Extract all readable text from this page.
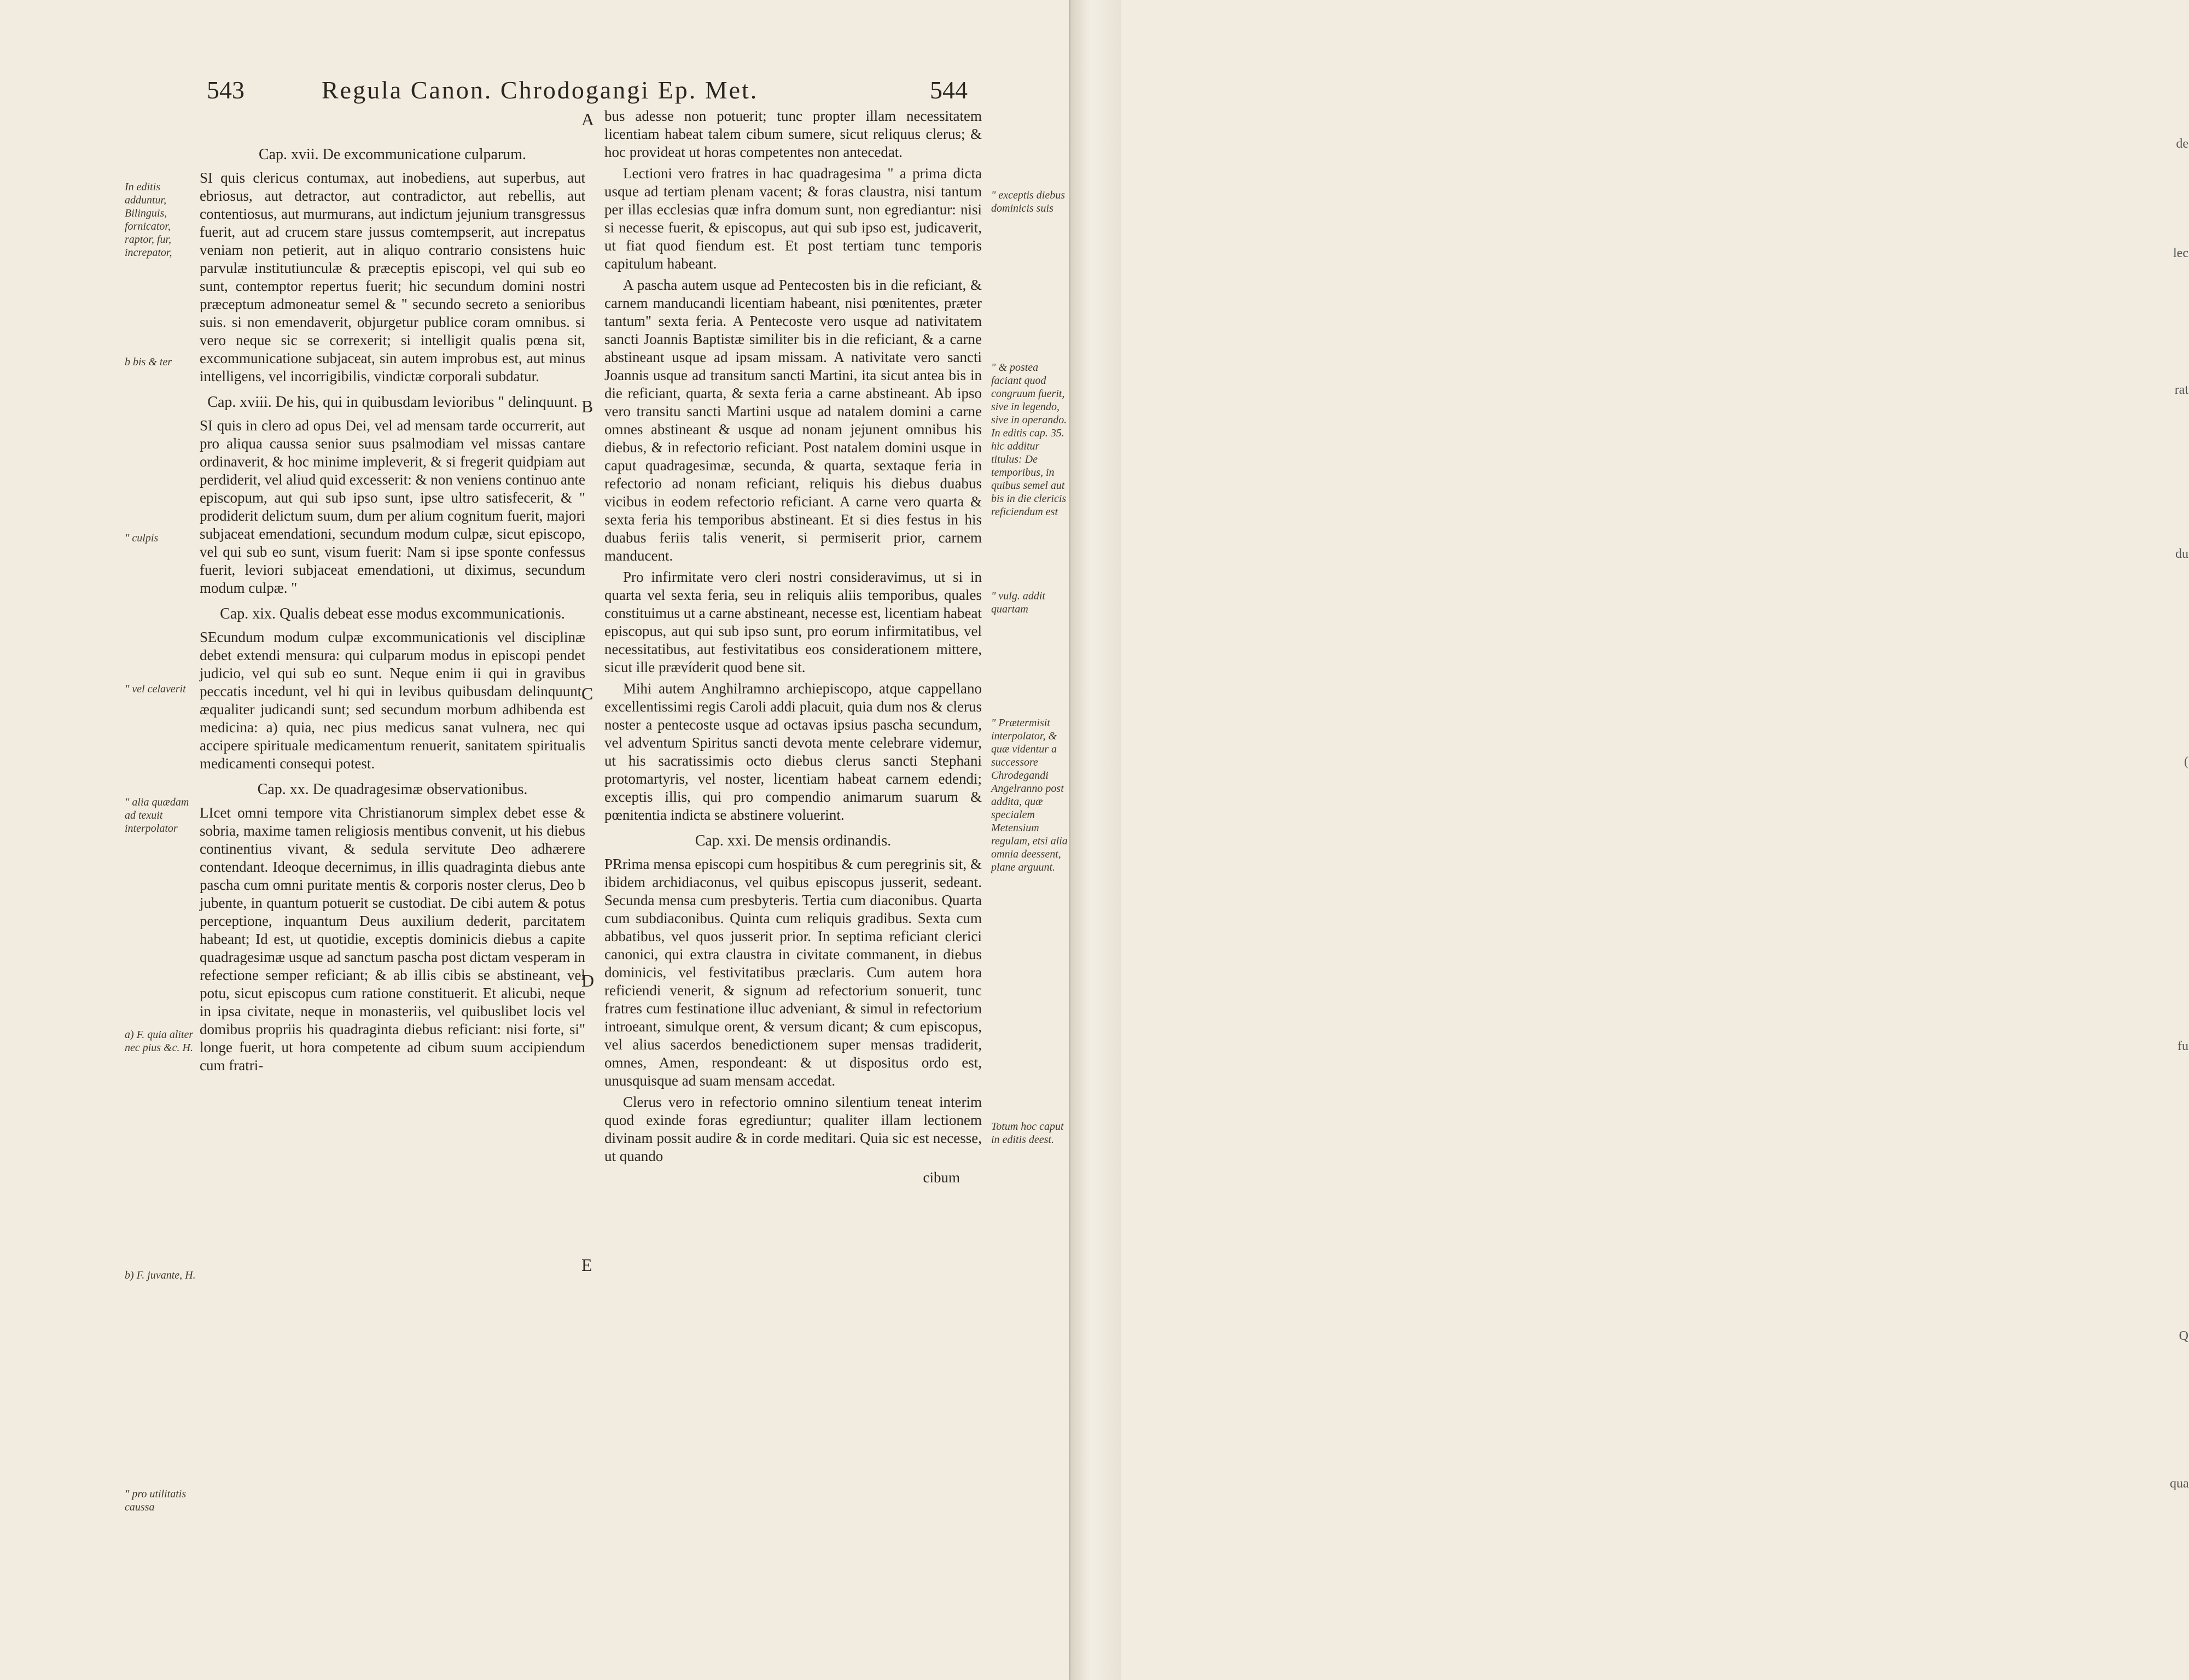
de
lec
rat
du
(
fu
Q
qua
543	Regula Canon. Chrodogangi Ep. Met.	544
A
B
C
D
E
Cap. xvii. De excommunicatione culparum.

SI quis clericus contumax, aut inobediens, aut superbus, aut ebriosus, aut detractor, aut contradictor, aut rebellis, aut contentiosus, aut murmurans, aut indictum jejunium transgressus fuerit, aut ad crucem stare jussus comtempserit, aut increpatus veniam non petierit, aut in aliquo contrario consistens huic parvulæ institutiunculæ & præceptis episcopi, vel qui sub eo sunt, contemptor repertus fuerit; hic secundum domini nostri præceptum admoneatur semel & " secundo secreto a senioribus suis. si non emendaverit, objurgetur publice coram omnibus. si vero neque sic se correxerit; si intelligit qualis pœna sit, excommunicatione subjaceat, sin autem improbus est, aut minus intelligens, vel incorrigibilis, vindictæ corporali subdatur.

Cap. xviii. De his, qui in quibusdam levioribus " delinquunt.

SI quis in clero ad opus Dei, vel ad mensam tarde occurrerit, aut pro aliqua caussa senior suus psalmodiam vel missas cantare ordinaverit, & hoc minime impleverit, & si fregerit quidpiam aut perdiderit, vel aliud quid excesserit: & non veniens continuo ante episcopum, aut qui sub ipso sunt, ipse ultro satisfecerit, & " prodiderit delictum suum, dum per alium cognitum fuerit, majori subjaceat emendationi, secundum modum culpæ, sicut episcopo, vel qui sub eo sunt, visum fuerit: Nam si ipse sponte confessus fuerit, leviori subjaceat emendationi, ut diximus, secundum modum culpæ. "

Cap. xix. Qualis debeat esse modus excommunicationis.

SEcundum modum culpæ excommunicationis vel disciplinæ debet extendi mensura: qui culparum modus in episcopi pendet judicio, vel qui sub eo sunt. Neque enim ii qui in gravibus peccatis incedunt, vel hi qui in levibus quibusdam delinquunt, æqualiter judicandi sunt; sed secundum morbum adhibenda est medicina: a) quia, nec pius medicus sanat vulnera, nec qui accipere spirituale medicamentum renuerit, sanitatem spiritualis medicamenti consequi potest.

Cap. xx. De quadragesimæ observationibus.

LIcet omni tempore vita Christianorum simplex debet esse & sobria, maxime tamen religiosis mentibus convenit, ut his diebus continentius vivant, & sedula servitute Deo adhærere contendant. Ideoque decernimus, in illis quadraginta diebus ante pascha cum omni puritate mentis & corporis noster clerus, Deo b jubente, in quantum potuerit se custodiat. De cibi autem & potus perceptione, inquantum Deus auxilium dederit, parcitatem habeant; Id est, ut quotidie, exceptis dominicis diebus a capite quadragesimæ usque ad sanctum pascha post dictam vesperam in refectione semper reficiant; & ab illis cibis se abstineant, vel potu, sicut episcopus cum ratione constituerit. Et alicubi, neque in ipsa civitate, neque in monasteriis, vel quibuslibet locis vel domibus propriis his quadraginta diebus reficiant: nisi forte, si" longe fuerit, ut hora competente ad cibum suum accipiendum cum fratri-

bus adesse non potuerit; tunc propter illam necessitatem licentiam habeat talem cibum sumere, sicut reliquus clerus; & hoc provideat ut horas competentes non antecedat.

Lectioni vero fratres in hac quadragesima " a prima dicta usque ad tertiam plenam vacent; & foras claustra, nisi tantum per illas ecclesias quæ infra domum sunt, non egrediantur: nisi si necesse fuerit, & episcopus, aut qui sub ipso est, judicaverit, ut fiat quod fiendum est. Et post tertiam tunc temporis capitulum habeant.

A pascha autem usque ad Pentecosten bis in die reficiant, & carnem manducandi licentiam habeant, nisi pœnitentes, præter tantum" sexta feria. A Pentecoste vero usque ad nativitatem sancti Joannis Baptistæ similiter bis in die reficiant, & a carne abstineant usque ad ipsam missam. A nativitate vero sancti Joannis usque ad transitum sancti Martini, ita sicut antea bis in die reficiant, quarta, & sexta feria a carne abstineant. Ab ipso vero transitu sancti Martini usque ad natalem domini a carne omnes abstineant & usque ad nonam jejunent omnibus his diebus, & in refectorio reficiant. Post natalem domini usque in caput quadragesimæ, secunda, & quarta, sextaque feria in refectorio ad nonam reficiant, reliquis his diebus duabus vicibus in eodem refectorio reficiant. A carne vero quarta & sexta feria his temporibus abstineant. Et si dies festus in his duabus feriis talis venerit, si permiserit prior, carnem manducent.

Pro infirmitate vero cleri nostri consideravimus, ut si in quarta vel sexta feria, seu in reliquis aliis temporibus, quales constituimus ut a carne abstineant, necesse est, licentiam habeat episcopus, aut qui sub ipso sunt, pro eorum infirmitatibus, vel necessitatibus, aut festivitatibus eos considerationem mittere, sicut ille prævíderit quod bene sit.

Mihi autem Anghilramno archiepiscopo, atque cappellano excellentissimi regis Caroli addi placuit, quia dum nos & clerus noster a pentecoste usque ad octavas ipsius pascha secundum, vel adventum Spiritus sancti devota mente celebrare videmur, ut his sacratissimis octo diebus clerus sancti Stephani protomartyris, vel noster, licentiam habeat carnem edendi; exceptis illis, qui pro compendio animarum suarum & pœnitentia indicta se abstinere voluerint.

Cap. xxi. De mensis ordinandis.

PRrima mensa episcopi cum hospitibus & cum peregrinis sit, & ibidem archidiaconus, vel quibus episcopus jusserit, sedeant. Secunda mensa cum presbyteris. Tertia cum diaconibus. Quarta cum subdiaconibus. Quinta cum reliquis gradibus. Sexta cum abbatibus, vel quos jusserit prior. In septima reficiant clerici canonici, qui extra claustra in civitate commanent, in diebus dominicis, vel festivitatibus præclaris. Cum autem hora reficiendi venerit, & signum ad refectorium sonuerit, tunc fratres cum festinatione illuc adveniant, & simul in refectorium introeant, simulque orent, & versum dicant; & cum episcopus, vel alius sacerdos benedictionem super mensas tradiderit, omnes, Amen, respondeant: & ut dispositus ordo est, unusquisque ad suam mensam accedat.

Clerus vero in refectorio omnino silentium teneat interim quod exinde foras egrediuntur; qualiter illam lectionem divinam possit audire & in corde meditari. Quia sic est necesse, ut quando

cibum
In editis adduntur, Bilinguis, fornicator, raptor, fur, increpator,
b bis & ter
" culpis
" vel celaverit
" alia quædam ad texuit interpolator
a) F. quia aliter nec pius &c. H.
b) F. juvante, H.
" pro utilitatis caussa
" exceptis diebus dominicis suis
" & postea faciant quod congruum fuerit, sive in legendo, sive in operando. In editis cap. 35. hic additur titulus: De temporibus, in quibus semel aut bis in die clericis reficiendum est
" vulg. addit quartam
" Prætermisit interpolator, & quæ videntur a successore Chrodegandi Angelranno post addita, quæ specialem Metensium regulam, etsi alia omnia deessent, plane arguunt.
Totum hoc caput in editis deest.
